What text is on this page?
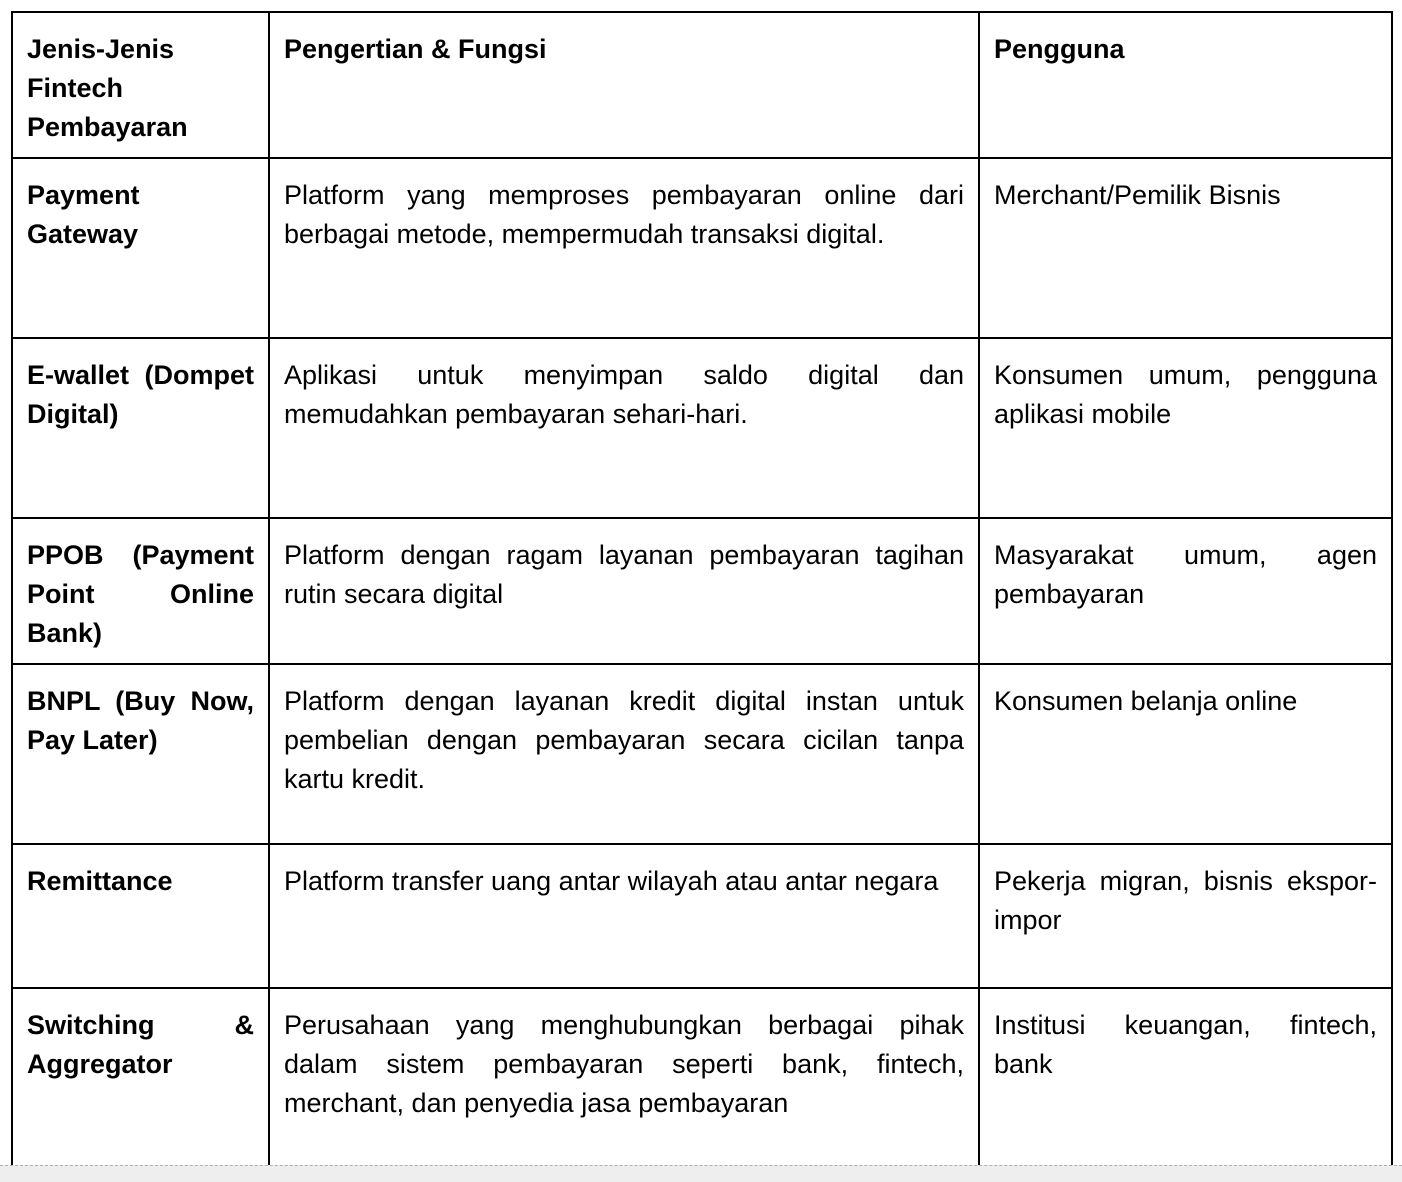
Jenis-Jenis Fintech Pembayaran	Pengertian & Fungsi	Pengguna
Payment Gateway	Platform yang memproses pembayaran online dari berbagai metode, mempermudah transaksi digital.	Merchant/Pemilik Bisnis
E-wallet (Dompet Digital)	Aplikasi untuk menyimpan saldo digital dan memudahkan pembayaran sehari-hari.	Konsumen umum, pengguna aplikasi mobile
PPOB (Payment Point Online Bank)	Platform dengan ragam layanan pembayaran tagihan rutin secara digital	Masyarakat umum, agen pembayaran
BNPL (Buy Now, Pay Later)	Platform dengan layanan kredit digital instan untuk pembelian dengan pembayaran secara cicilan tanpa kartu kredit.	Konsumen belanja online
Remittance	Platform transfer uang antar wilayah atau antar negara	Pekerja migran, bisnis ekspor-impor
Switching & Aggregator	Perusahaan yang menghubungkan berbagai pihak dalam sistem pembayaran seperti bank, fintech, merchant, dan penyedia jasa pembayaran	Institusi keuangan, fintech, bank
